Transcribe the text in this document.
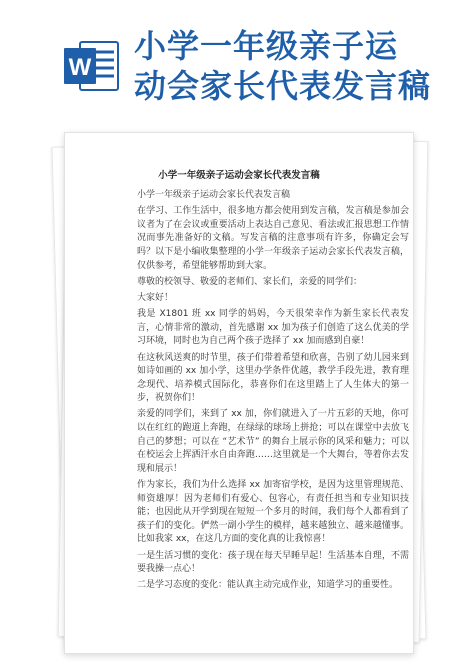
W
小学一年级亲子运
动会家长代表发言稿
小学一年级亲子运动会家长代表发言稿

小学一年级亲子运动会家长代表发言稿

在学习、工作生活中，很多地方都会使用到发言稿，发言稿是参加会议者为了在会议或重要活动上表达自己意见、看法或汇报思想工作情况而事先准备好的文稿。写发言稿的注意事项有许多，你确定会写吗？以下是小编收集整理的小学一年级亲子运动会家长代表发言稿，仅供参考，希望能够帮助到大家。

尊敬的校领导、敬爱的老师们、家长们，亲爱的同学们：

大家好！

我是 X1801 班 xx 同学的妈妈，今天很荣幸作为新生家长代表发言，心情非常的激动，首先感谢 xx 加为孩子们创造了这么优美的学习环境，同时也为自己两个孩子选择了 xx 加而感到自豪！

在这秋风送爽的时节里，孩子们带着希望和欣喜，告别了幼儿园来到如诗如画的 xx 加小学，这里办学条件优越，教学手段先进，教育理念现代、培养模式国际化，恭喜你们在这里踏上了人生体大的第一步，祝贺你们！

亲爱的同学们，来到了 xx 加，你们就进入了一片五彩的天地，你可以在红红的跑道上奔跑，在绿绿的球场上拼抢；可以在课堂中去放飞自己的梦想；可以在 “艺术节” 的舞台上展示你的风采和魅力；可以在校运会上挥洒汗水自由奔跑……这里就是一个大舞台，等着你去发现和展示！

作为家长，我们为什么选择 xx 加寄宿学校，是因为这里管理规范、师资雄厚！因为老师们有爱心、包容心，有责任担当和专业知识技能；也因此从开学到现在短短一个多月的时间，我们每个人都看到了孩子们的变化。俨然一副小学生的模样，越来越独立、越来越懂事。比如我家 xx，在这几方面的变化真的让我惊喜！

一是生活习惯的变化：孩子现在每天早睡早起！生活基本自理，不需要我操一点心！

二是学习态度的变化：能认真主动完成作业，知道学习的重要性。
